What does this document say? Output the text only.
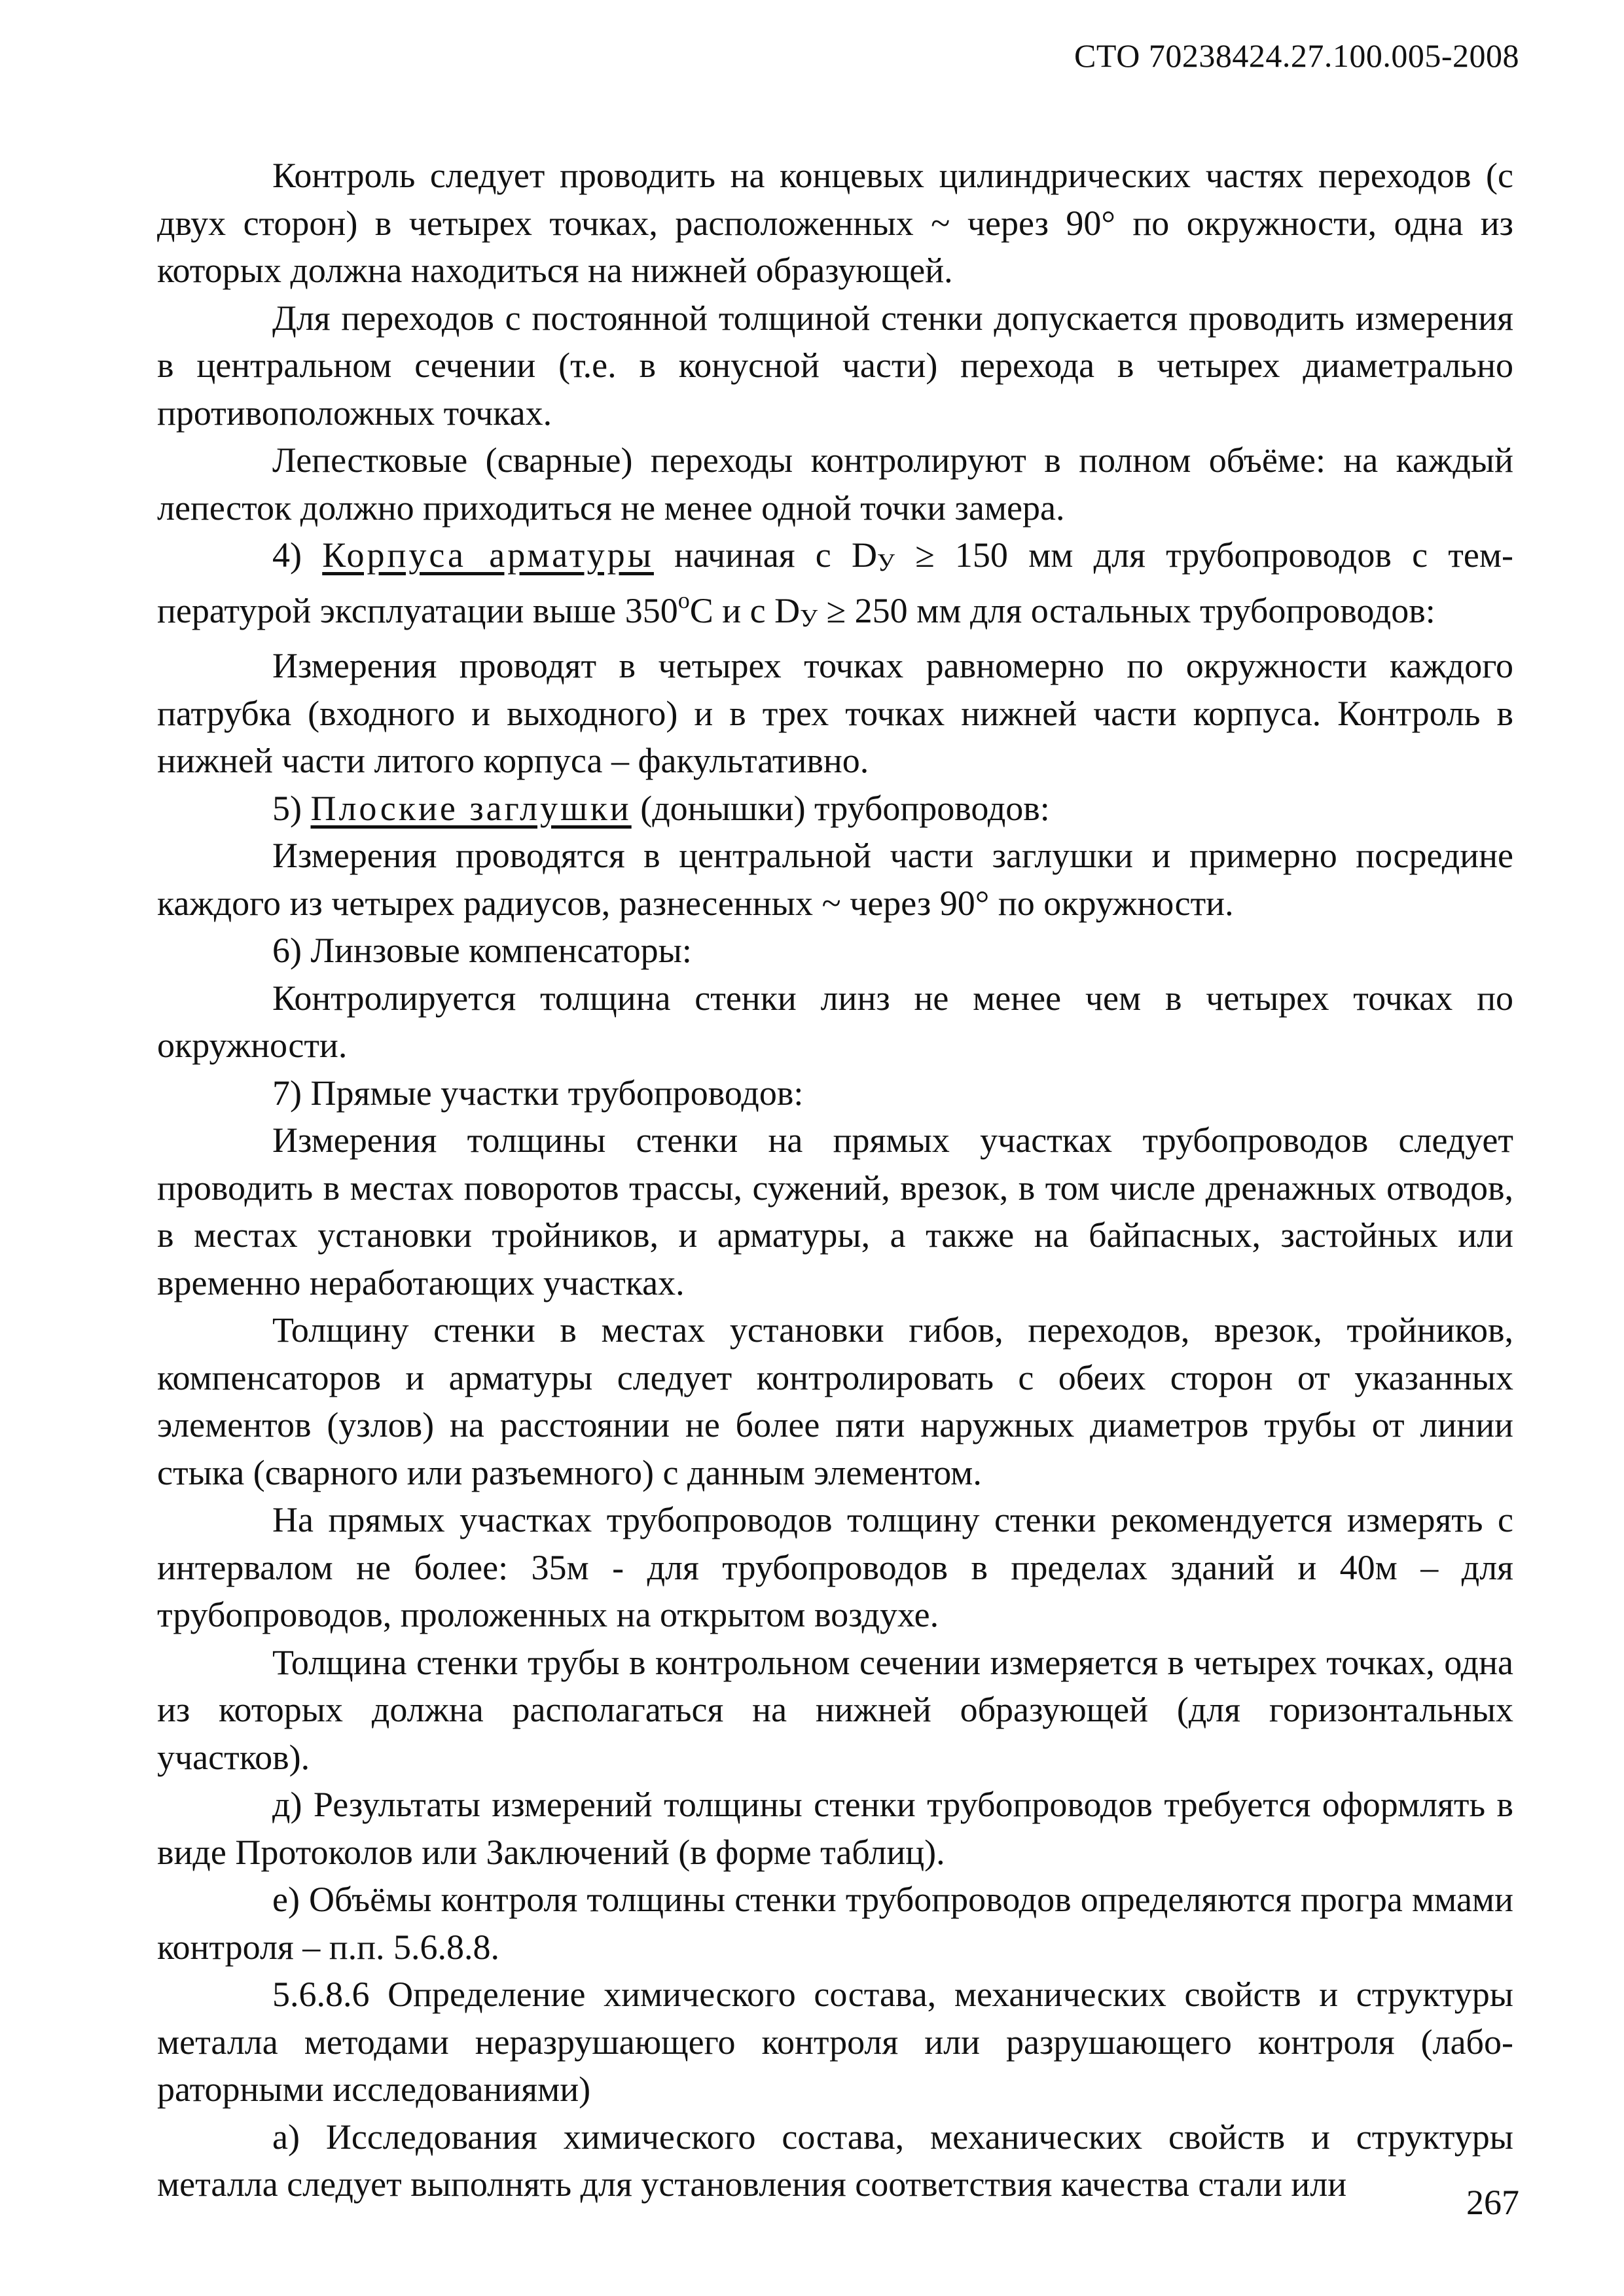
СТО 70238424.27.100.005-2008

Контроль следует проводить на концевых цилиндрических частях переходов (с двух сторон) в четырех точках, расположенных ~ через 90° по окружности, одна из которых должна находиться на нижней образующей.

Для переходов с постоянной толщиной стенки допускается проводить измерения в центральном сечении (т.е. в конусной части) перехода в четырех диаметрально противоположных точках.

Лепестковые (сварные) переходы контролируют в полном объёме: на каждый лепесток должно приходиться не менее одной точки замера.

4) Корпуса арматуры начиная с $D_У \ge 150$ мм для трубопроводов с температурой эксплуатации выше $350^оС$ и с $D_У \ge 250$ мм для остальных трубопроводов:

Измерения проводят в четырех точках равномерно по окружности каждого патрубка (входного и выходного) и в трех точках нижней части корпуса. Контроль в нижней части литого корпуса – факультативно.

5) Плоские заглушки (донышки) трубопроводов:

Измерения проводятся в центральной части заглушки и примерно посредине каждого из четырех радиусов, разнесенных ~ через 90° по окружности.

6) Линзовые компенсаторы:

Контролируется толщина стенки линз не менее чем в четырех точках по окружности.

7) Прямые участки трубопроводов:

Измерения толщины стенки на прямых участках трубопроводов следует проводить в местах поворотов трассы, сужений, врезок, в том числе дренажных отводов, в местах установки тройников, и арматуры, а также на байпасных, застойных или временно неработающих участках.

Толщину стенки в местах установки гибов, переходов, врезок, тройников, компенсаторов и арматуры следует контролировать с обеих сторон от указанных элементов (узлов) на расстоянии не более пяти наружных диаметров трубы от линии стыка (сварного или разъемного) с данным элементом.

На прямых участках трубопроводов толщину стенки рекомендуется измерять с интервалом не более: 35м - для трубопроводов в пределах зданий и 40м – для трубопроводов, проложенных на открытом воздухе.

Толщина стенки трубы в контрольном сечении измеряется в четырех точках, одна из которых должна располагаться на нижней образующей (для горизонтальных участков).

д) Результаты измерений толщины стенки трубопроводов требуется оформлять в виде Протоколов или Заключений (в форме таблиц).

е) Объёмы контроля толщины стенки трубопроводов определяются програ ммами контроля – п.п. 5.6.8.8.

5.6.8.6 Определение химического состава, механических свойств и структуры металла методами неразрушающего контроля или разрушающего контроля (лабораторными исследованиями)

а) Исследования химического состава, механических свойств и структуры металла следует выполнять для установления соответствия качества стали или	267
